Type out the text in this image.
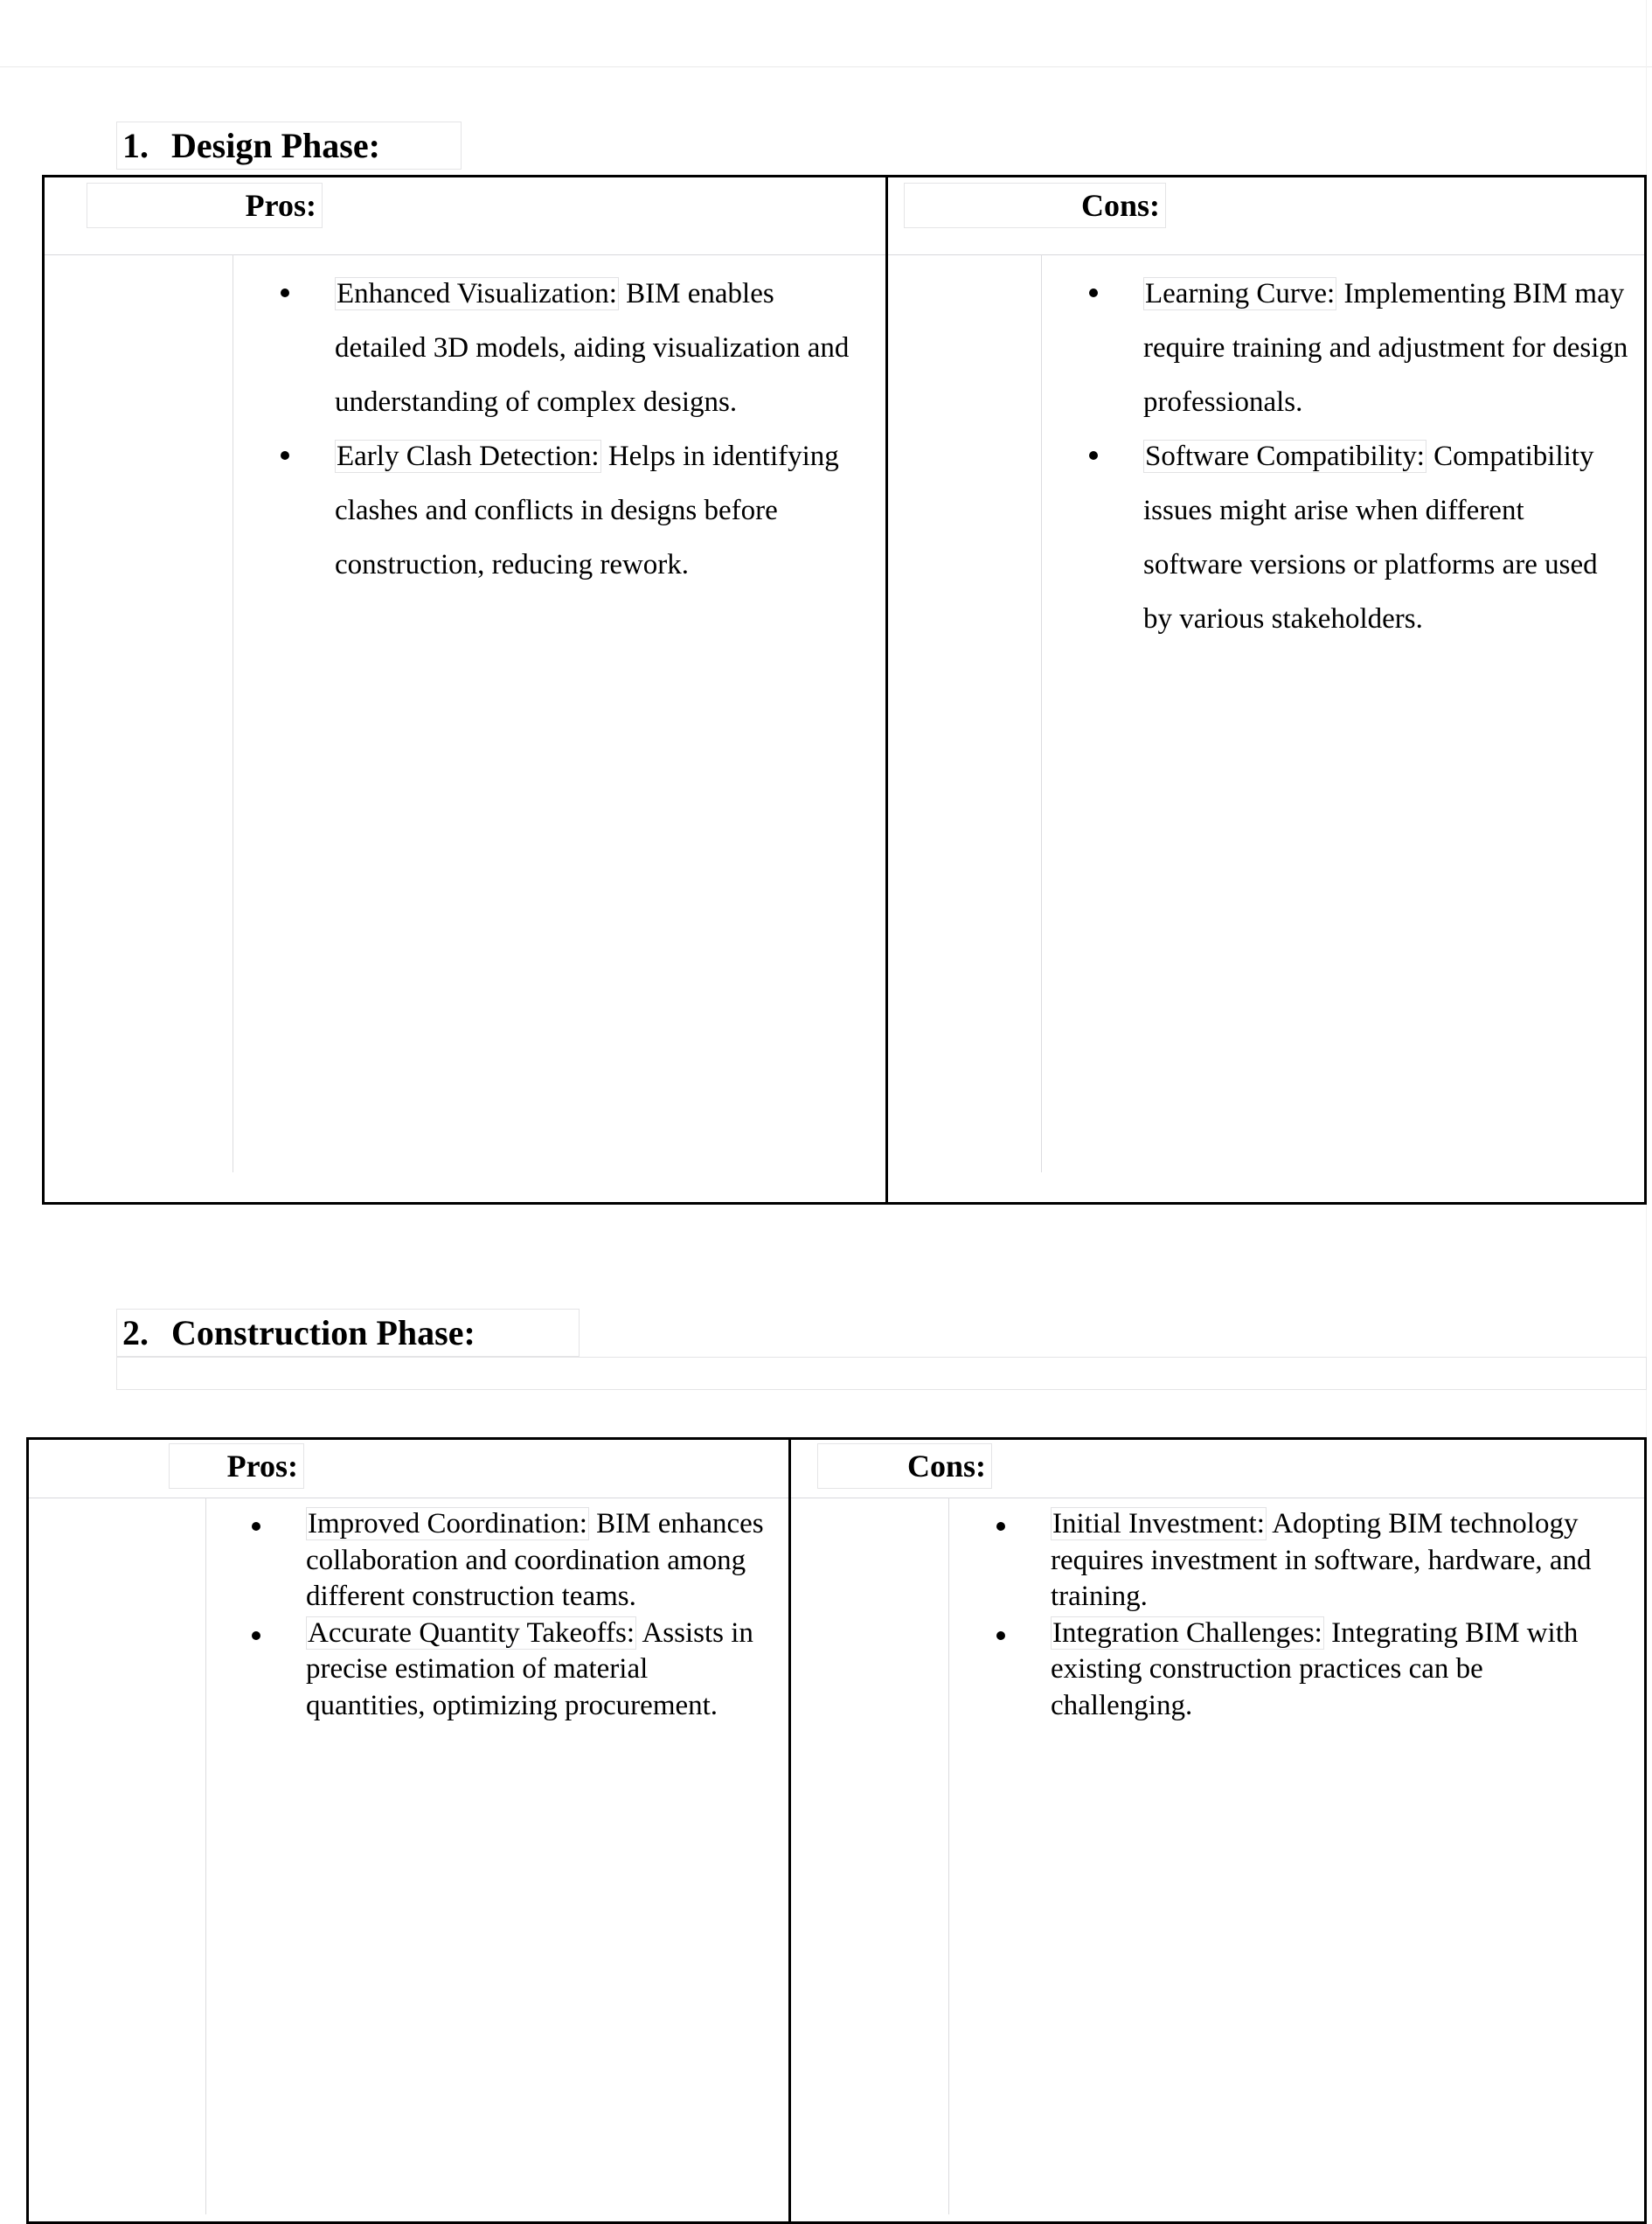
1. Design Phase:
Pros:
Enhanced Visualization: BIM enables detailed 3D models, aiding visualization and understanding of complex designs.
Early Clash Detection: Helps in identifying clashes and conflicts in designs before construction, reducing rework.
Cons:
Learning Curve: Implementing BIM may require training and adjustment for design professionals.
Software Compatibility: Compatibility issues might arise when different software versions or platforms are used by various stakeholders.
2. Construction Phase:
Pros:
Improved Coordination: BIM enhances collaboration and coordination among different construction teams.
Accurate Quantity Takeoffs: Assists in precise estimation of material quantities, optimizing procurement.
Cons:
Initial Investment: Adopting BIM technology requires investment in software, hardware, and training.
Integration Challenges: Integrating BIM with existing construction practices can be challenging.
